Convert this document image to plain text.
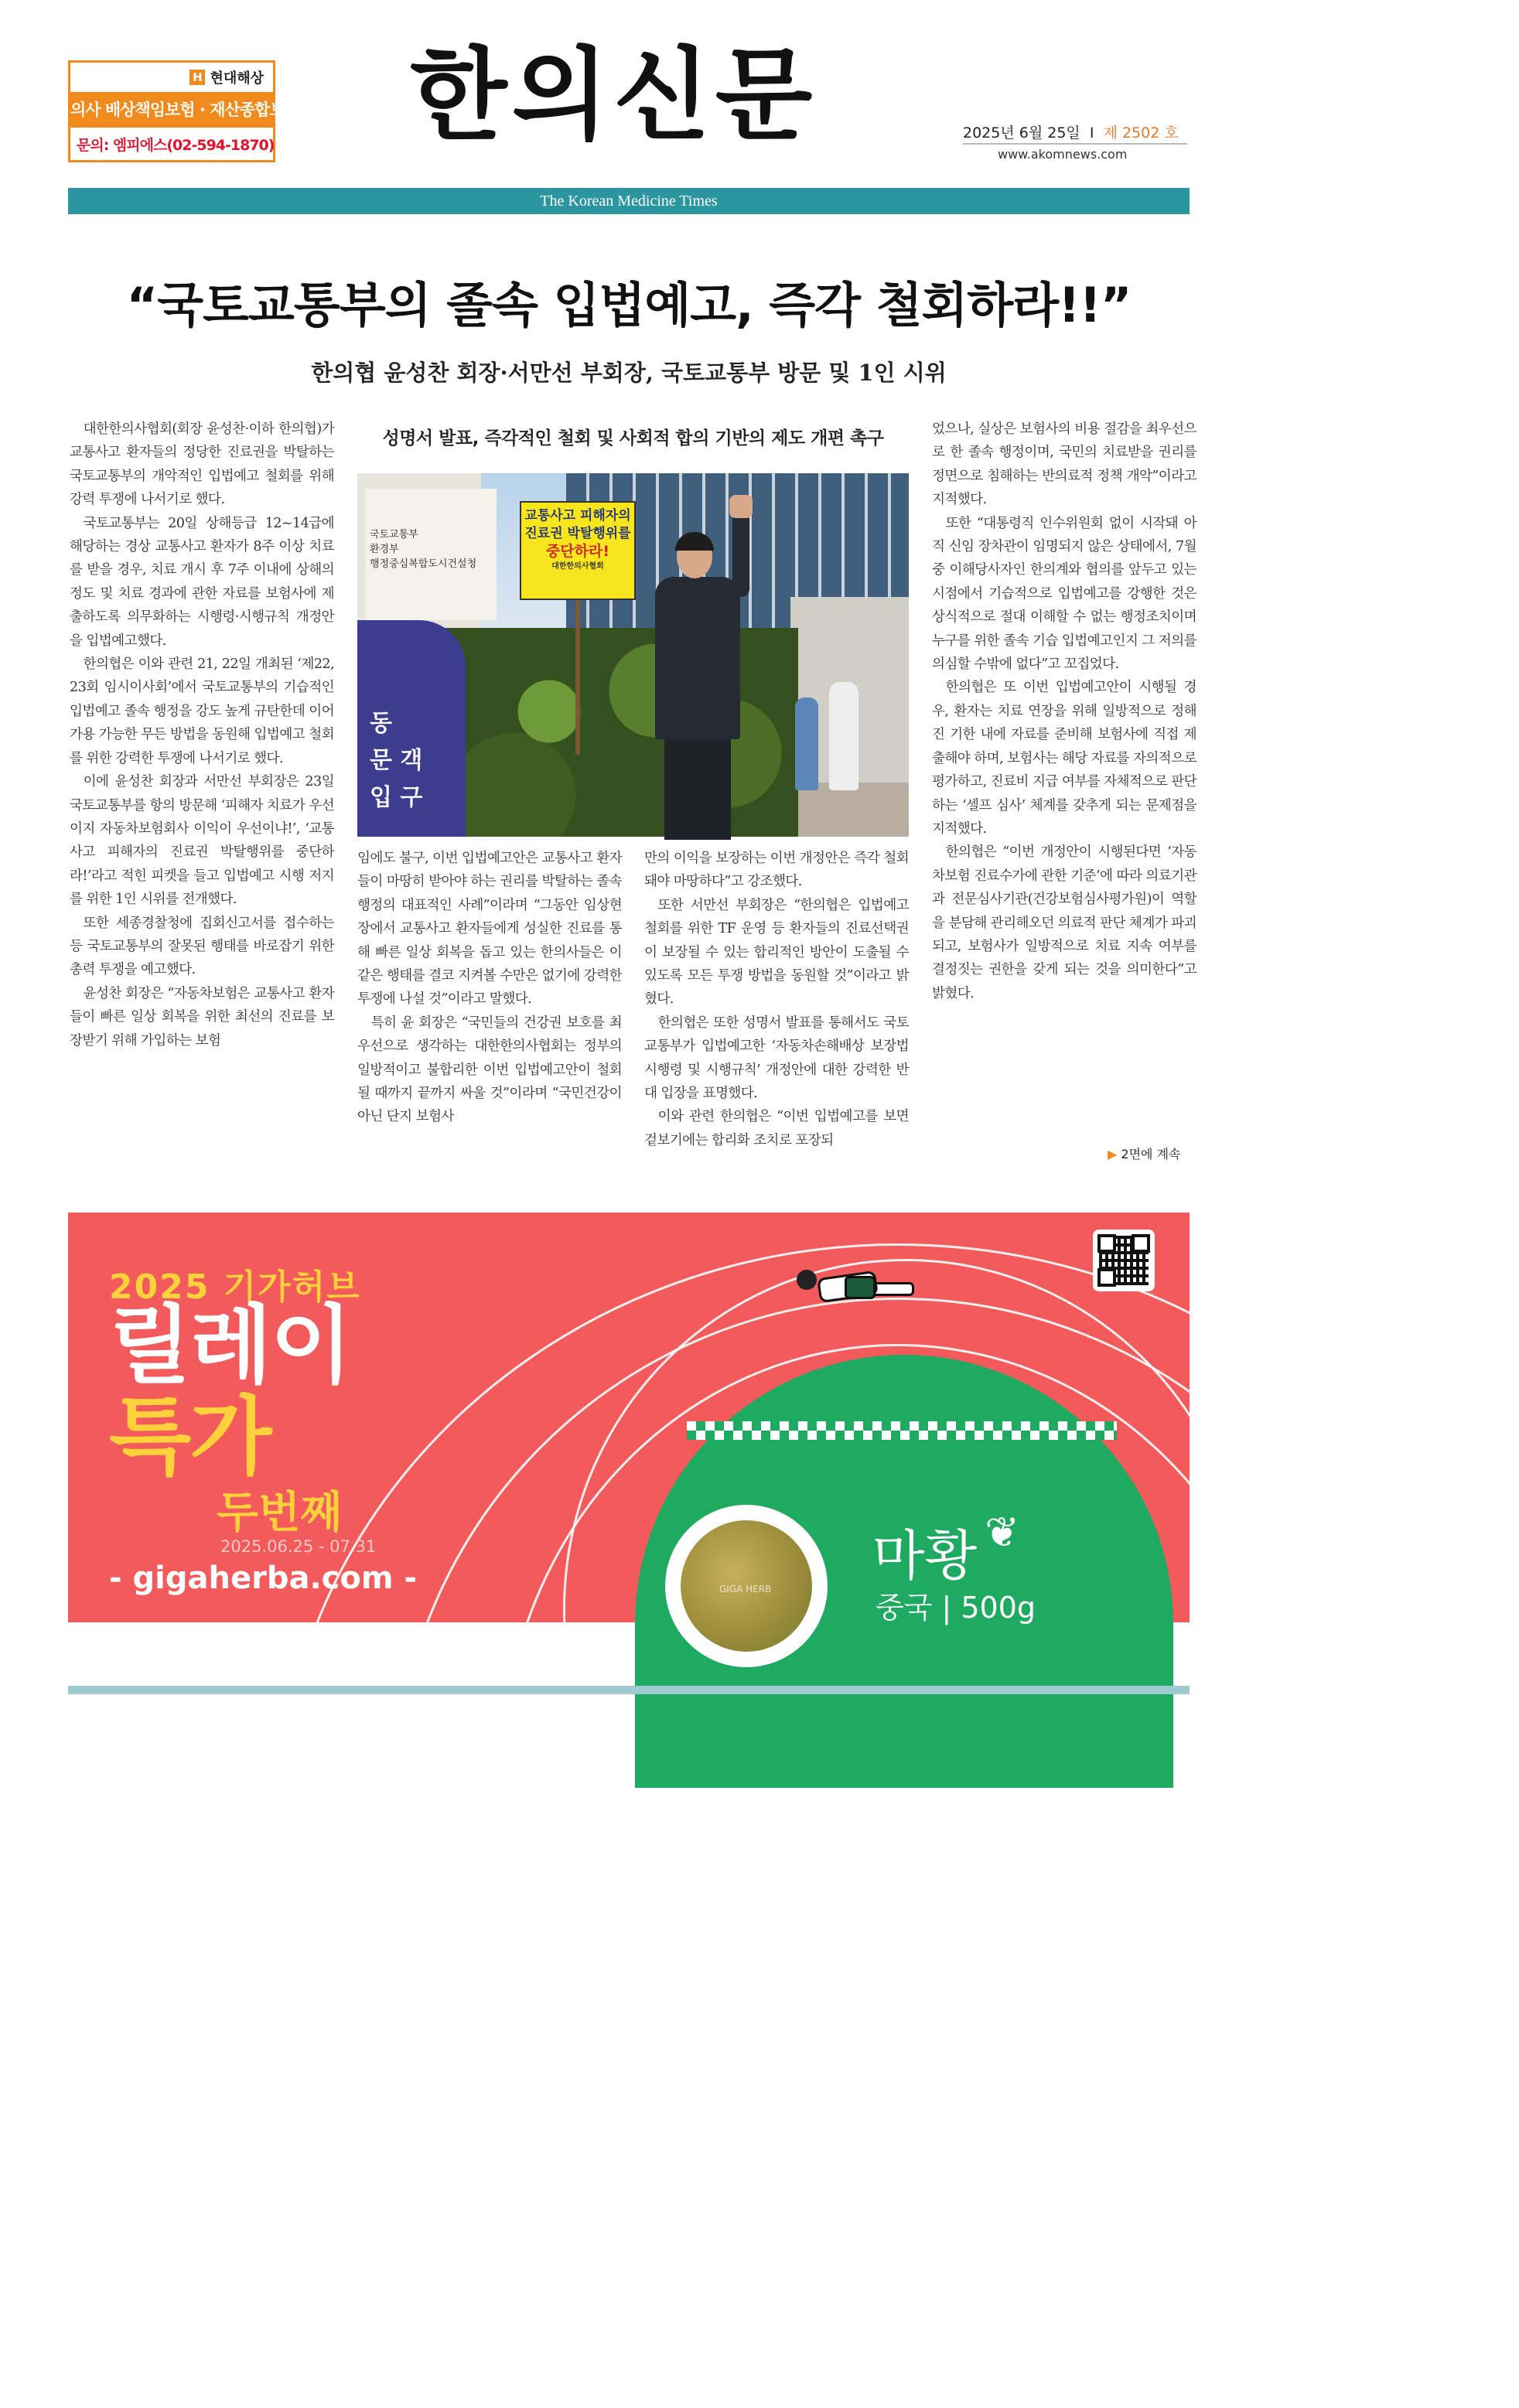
H 현대해상
의사 배상책임보험 · 재산종합보험
문의: 엠피에스(02-594-1870) 한의신문	2025년 6월 25일 I 제 2502 호
www.akomnews.com
The Korean Medicine Times
“국토교통부의 졸속 입법예고, 즉각 철회하라!!”
한의협 윤성찬 회장·서만선 부회장, 국토교통부 방문 및 1인 시위

대한한의사협회(회장 윤성찬·이하 한의협)가 교통사고 환자들의 정당한 진료권을 박탈하는 국토교통부의 개악적인 입법예고 철회를 위해 강력 투쟁에 나서기로 했다.

국토교통부는 20일 상해등급 12~14급에 해당하는 경상 교통사고 환자가 8주 이상 치료를 받을 경우, 치료 개시 후 7주 이내에 상해의 정도 및 치료 경과에 관한 자료를 보험사에 제출하도록 의무화하는 시행령·시행규칙 개정안을 입법예고했다.

한의협은 이와 관련 21, 22일 개최된 ‘제22, 23회 임시이사회’에서 국토교통부의 기습적인 입법예고 졸속 행정을 강도 높게 규탄한데 이어 가용 가능한 무든 방법을 동원해 입법예고 철회를 위한 강력한 투쟁에 나서기로 했다.

이에 윤성찬 회장과 서만선 부회장은 23일 국토교통부를 항의 방문해 ‘피해자 치료가 우선이지 자동차보험회사 이익이 우선이냐!’, ‘교통사고 피해자의 진료권 박탈행위를 중단하라!’라고 적힌 피켓을 들고 입법예고 시행 저지를 위한 1인 시위를 전개했다.

또한 세종경찰청에 집회신고서를 접수하는 등 국토교통부의 잘못된 행태를 바로잡기 위한 총력 투쟁을 예고했다.

윤성찬 회장은 “자동차보험은 교통사고 환자들이 빠른 일상 회복을 위한 최선의 진료를 보장받기 위해 가입하는 보험

성명서 발표, 즉각적인 철회 및 사회적 합의 기반의 제도 개편 촉구
국토교통부
환경부
행정중심복합도시건설청
동
문 객
입 구
교통사고 피해자의
진료권 박탈행위를
중단하라!
대한한의사협회

임에도 불구, 이번 입법예고안은 교통사고 환자들이 마땅히 받아야 하는 권리를 박탈하는 졸속 행정의 대표적인 사례”이라며 “그동안 임상현장에서 교통사고 환자들에게 성실한 진료를 통해 빠른 일상 회복을 돕고 있는 한의사들은 이 같은 행태를 결코 지켜볼 수만은 없기에 강력한 투쟁에 나설 것”이라고 말했다.

특히 윤 회장은 “국민들의 건강권 보호를 최우선으로 생각하는 대한한의사협회는 정부의 일방적이고 불합리한 이번 입법예고안이 철회될 때까지 끝까지 싸울 것”이라며 “국민건강이 아닌 단지 보험사

만의 이익을 보장하는 이번 개정안은 즉각 철회돼야 마땅하다”고 강조했다.

또한 서만선 부회장은 “한의협은 입법예고 철회를 위한 TF 운영 등 환자들의 진료선택권이 보장될 수 있는 합리적인 방안이 도출될 수 있도록 모든 투쟁 방법을 동원할 것”이라고 밝혔다.

한의협은 또한 성명서 발표를 통해서도 국토교통부가 입법예고한 ‘자동차손해배상 보장법 시행령 및 시행규칙’ 개정안에 대한 강력한 반대 입장을 표명했다.

이와 관련 한의협은 “이번 입법예고를 보면 겉보기에는 합리화 조치로 포장되

었으나, 실상은 보험사의 비용 절감을 최우선으로 한 졸속 행정이며, 국민의 치료받을 권리를 정면으로 침해하는 반의료적 정책 개악”이라고 지적했다.

또한 “대통령직 인수위원회 없이 시작돼 아직 신임 장차관이 임명되지 않은 상태에서, 7월 중 이해당사자인 한의계와 협의를 앞두고 있는 시점에서 기습적으로 입법예고를 강행한 것은 상식적으로 절대 이해할 수 없는 행정조치이며 누구를 위한 졸속 기습 입법예고인지 그 저의를 의심할 수밖에 없다”고 꼬집었다.

한의협은 또 이번 입법예고안이 시행될 경우, 환자는 치료 연장을 위해 일방적으로 정해진 기한 내에 자료를 준비해 보험사에 직접 제출해야 하며, 보험사는 해당 자료를 자의적으로 평가하고, 진료비 지급 여부를 자체적으로 판단하는 ‘셀프 심사’ 체계를 갖추게 되는 문제점을 지적했다.

한의협은 “이번 개정안이 시행된다면 ‘자동차보험 진료수가에 관한 기준’에 따라 의료기관과 전문심사기관(건강보험심사평가원)이 역할을 분담해 관리해오던 의료적 판단 체계가 파괴되고, 보험사가 일방적으로 치료 지속 여부를 결정짓는 권한을 갖게 되는 것을 의미한다”고 밝혔다.

▶ 2면에 계속
GIGA HERB
2025 기가허브
릴레이
특가
두번째
2025.06.25 - 07.31
- gigaherba.com -	마황 ❦
중국 | 500g
